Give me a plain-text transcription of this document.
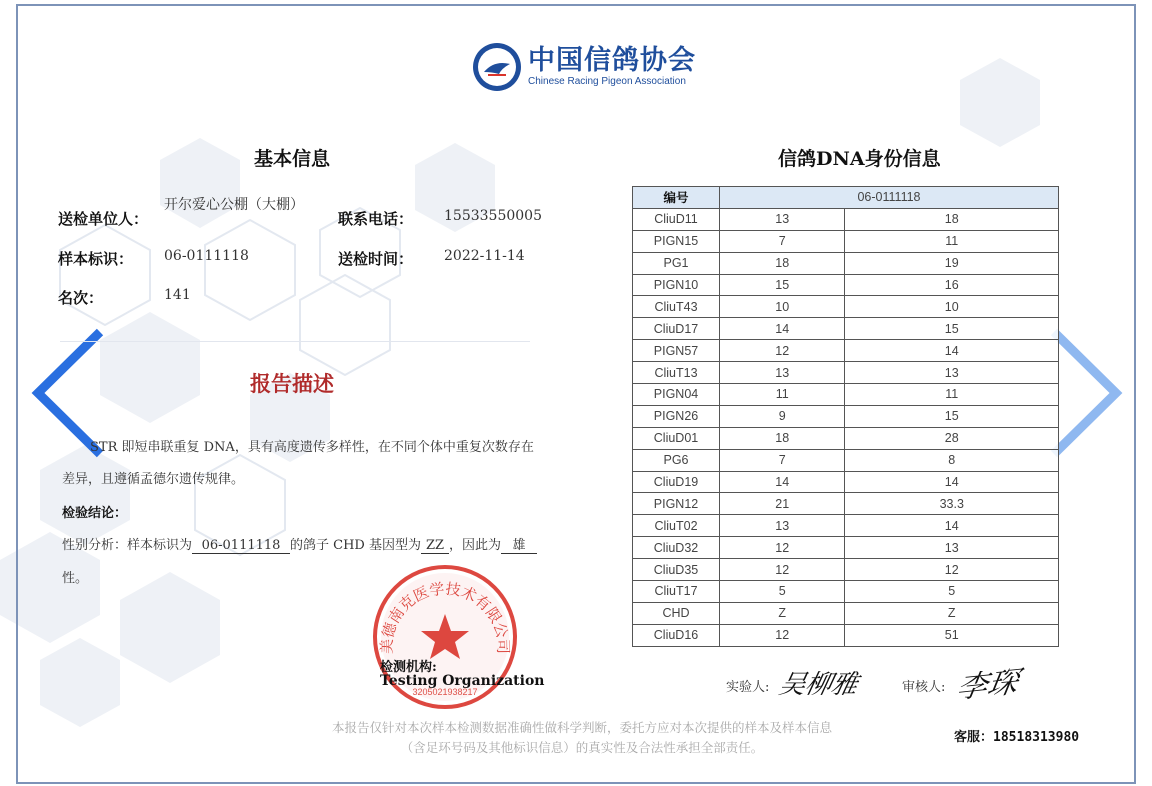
中国信鸽协会
Chinese Racing Pigeon Association
基本信息
送检单位人：
开尔爱心公棚（大棚）
联系电话： 15533550005
样本标识： 06-0111118	送检时间： 2022-11-14
名次：	141
报告描述
STR 即短串联重复 DNA，具有高度遗传多样性，在不同个体中重复次数存在
差异，且遵循孟德尔遗传规律。
检验结论：
性别分析：样本标识为 06-0111118 的鸽子 CHD 基因型为 ZZ ，因此为 雄
性。
美德南克医学技术有限公司
3205021938217
检测机构:
Testing Organization
信鸽DNA身份信息
编号	06-0111118	
CliuD11	13	18
PIGN15	7	11
PG1	18	19
PIGN10	15	16
CliuT43	10	10
CliuD17	14	15
PIGN57	12	14
CliuT13	13	13
PIGN04	11	11
PIGN26	9	15
CliuD01	18	28
PG6	7	8
CliuD19	14	14
PIGN12	21	33.3
CliuT02	13	14
CliuD32	12	13
CliuD35	12	12
CliuT17	5	5
CHD	Z	Z
CliuD16	12	51
实验人: 吴柳雅	审核人: 李琛
本报告仅针对本次样本检测数据准确性做科学判断，委托方应对本次提供的样本及样本信息
（含足环号码及其他标识信息）的真实性及合法性承担全部责任。
客服：18518313980
